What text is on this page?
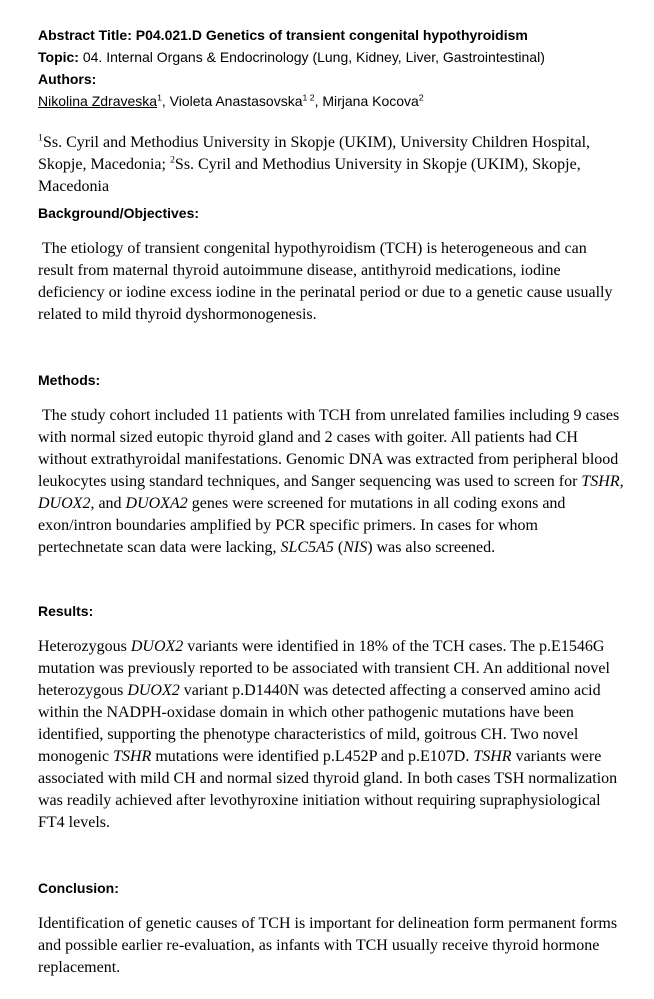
Abstract Title: P04.021.D Genetics of transient congenital hypothyroidism
Topic: 04. Internal Organs & Endocrinology (Lung, Kidney, Liver, Gastrointestinal)
Authors:
Nikolina Zdraveska$^1$, Violeta Anastasovska$^{1 2}$, Mirjana Kocova$^2$
$^1$Ss. Cyril and Methodius University in Skopje (UKIM), University Children Hospital, Skopje, Macedonia; $^2$Ss. Cyril and Methodius University in Skopje (UKIM), Skopje, Macedonia
Background/Objectives:
The etiology of transient congenital hypothyroidism (TCH) is heterogeneous and can result from maternal thyroid autoimmune disease, antithyroid medications, iodine deficiency or iodine excess iodine in the perinatal period or due to a genetic cause usually related to mild thyroid dyshormonogenesis.
Methods:
The study cohort included 11 patients with TCH from unrelated families including 9 cases with normal sized eutopic thyroid gland and 2 cases with goiter. All patients had CH without extrathyroidal manifestations. Genomic DNA was extracted from peripheral blood leukocytes using standard techniques, and Sanger sequencing was used to screen for TSHR, DUOX2, and DUOXA2 genes were screened for mutations in all coding exons and exon/intron boundaries amplified by PCR specific primers. In cases for whom pertechnetate scan data were lacking, SLC5A5 (NIS) was also screened.
Results:
Heterozygous DUOX2 variants were identified in 18% of the TCH cases. The p.E1546G mutation was previously reported to be associated with transient CH. An additional novel heterozygous DUOX2 variant p.D1440N was detected affecting a conserved amino acid within the NADPH-oxidase domain in which other pathogenic mutations have been identified, supporting the phenotype characteristics of mild, goitrous CH. Two novel monogenic TSHR mutations were identified p.L452P and p.E107D. TSHR variants were associated with mild CH and normal sized thyroid gland. In both cases TSH normalization was readily achieved after levothyroxine initiation without requiring supraphysiological FT4 levels.
Conclusion:
Identification of genetic causes of TCH is important for delineation form permanent forms and possible earlier re-evaluation, as infants with TCH usually receive thyroid hormone replacement.
